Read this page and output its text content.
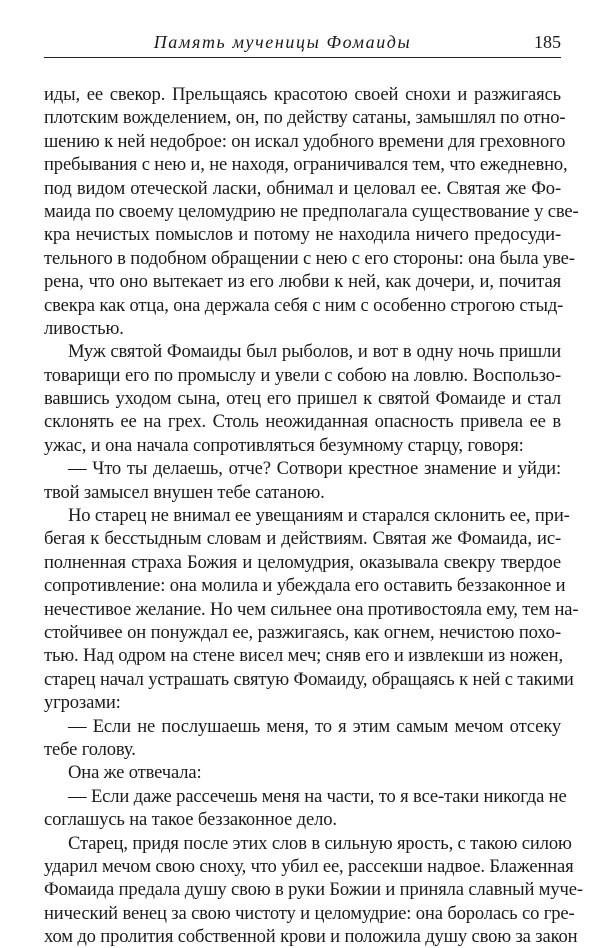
Память мученицы Фомаиды	185
иды, ее свекор. Прельщаясь красотою своей снохи и разжигаясь
плотским вожделением, он, по действу сатаны, замышлял по отно-
шению к ней недоброе: он искал удобного времени для греховного
пребывания с нею и, не находя, ограничивался тем, что ежедневно,
под видом отеческой ласки, обнимал и целовал ее. Святая же Фо-
маида по своему целомудрию не предполагала существование у све-
кра нечистых помыслов и потому не находила ничего предосуди-
тельного в подобном обращении с нею с его стороны: она была уве-
рена, что оно вытекает из его любви к ней, как дочери, и, почитая
свекра как отца, она держала себя с ним с особенно строгою стыд-
ливостью.
Муж святой Фомаиды был рыболов, и вот в одну ночь пришли
товарищи его по промыслу и увели с собою на ловлю. Воспользо-
вавшись уходом сына, отец его пришел к святой Фомаиде и стал
склонять ее на грех. Столь неожиданная опасность привела ее в
ужас, и она начала сопротивляться безумному старцу, говоря:
— Что ты делаешь, отче? Сотвори крестное знамение и уйди:
твой замысел внушен тебе сатаною.
Но старец не внимал ее увещаниям и старался склонить ее, при-
бегая к бесстыдным словам и действиям. Святая же Фомаида, ис-
полненная страха Божия и целомудрия, оказывала свекру твердое
сопротивление: она молила и убеждала его оставить беззаконное и
нечестивое желание. Но чем сильнее она противостояла ему, тем на-
стойчивее он понуждал ее, разжигаясь, как огнем, нечистою похо-
тью. Над одром на стене висел меч; сняв его и извлекши из ножен,
старец начал устрашать святую Фомаиду, обращаясь к ней с такими
угрозами:
— Если не послушаешь меня, то я этим самым мечом отсеку
тебе голову.
Она же отвечала:
— Если даже рассечешь меня на части, то я все-таки никогда не
соглашусь на такое беззаконное дело.
Старец, придя после этих слов в сильную ярость, с такою силою
ударил мечом свою сноху, что убил ее, рассекши надвое. Блаженная
Фомаида предала душу свою в руки Божии и приняла славный муче-
нический венец за свою чистоту и целомудрие: она боролась со гре-
хом до пролития собственной крови и положила душу свою за закон
